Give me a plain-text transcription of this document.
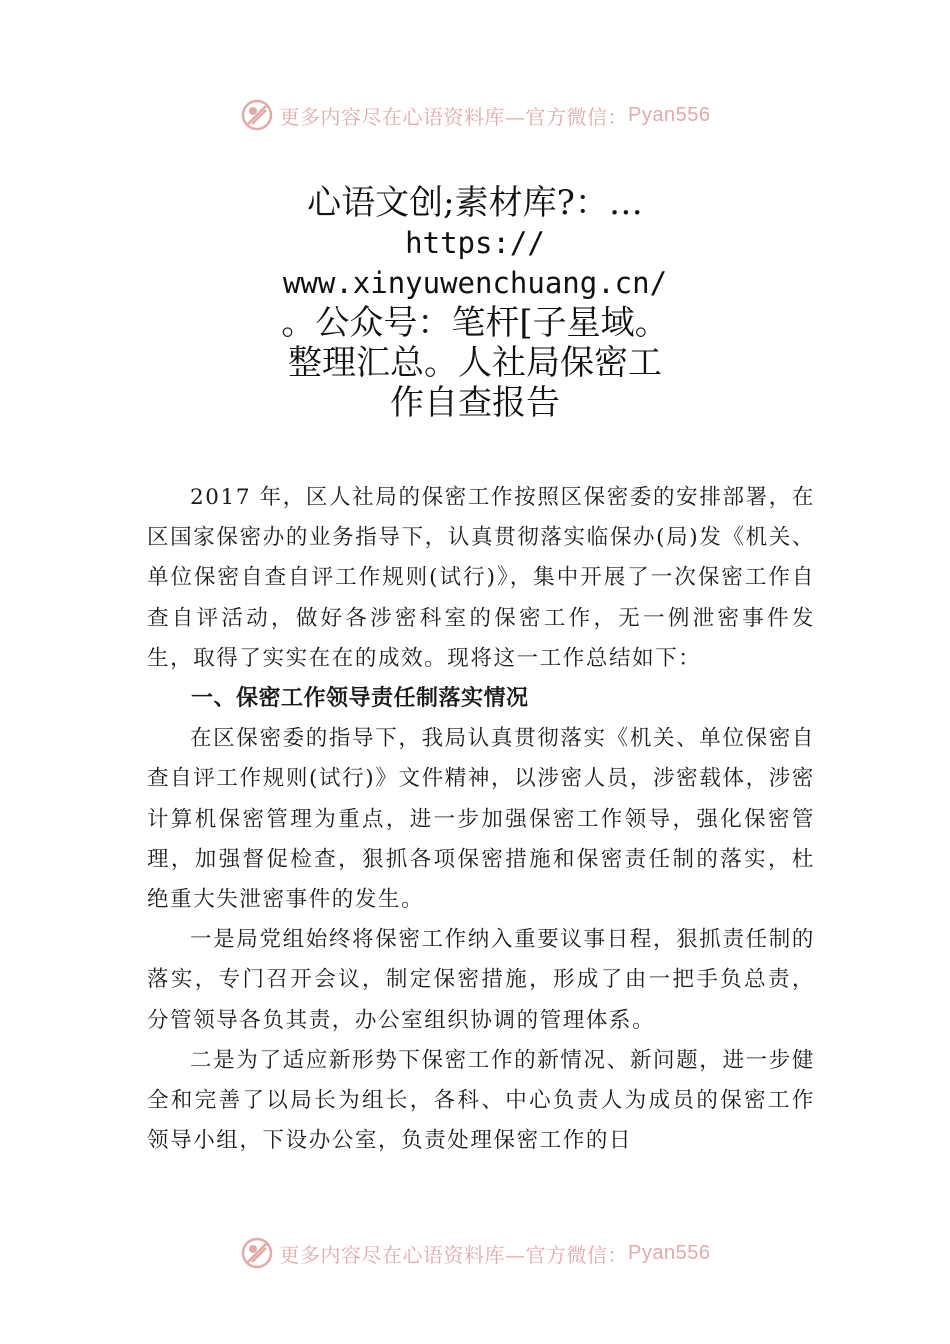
更多内容尽在心语资料库—官方微信： Pyan556
心语文创;素材库?：…
https://
www.xinyuwenchuang.cn/
。公众号：笔杆[子星域。
整理汇总。人社局保密工
作自查报告

2017 年，区人社局的保密工作按照区保密委的安排部署，在区国家保密办的业务指导下，认真贯彻落实临保办(局)发《机关、单位保密自查自评工作规则(试行)》，集中开展了一次保密工作自查自评活动，做好各涉密科室的保密工作，无一例泄密事件发生，取得了实实在在的成效。现将这一工作总结如下：

一、保密工作领导责任制落实情况

在区保密委的指导下，我局认真贯彻落实《机关、单位保密自查自评工作规则(试行)》文件精神，以涉密人员，涉密载体，涉密计算机保密管理为重点，进一步加强保密工作领导，强化保密管理，加强督促检查，狠抓各项保密措施和保密责任制的落实，杜绝重大失泄密事件的发生。

一是局党组始终将保密工作纳入重要议事日程，狠抓责任制的落实，专门召开会议，制定保密措施，形成了由一把手负总责，分管领导各负其责，办公室组织协调的管理体系。

二是为了适应新形势下保密工作的新情况、新问题，进一步健全和完善了以局长为组长，各科、中心负责人为成员的保密工作领导小组，下设办公室，负责处理保密工作的日

更多内容尽在心语资料库—官方微信： Pyan556
